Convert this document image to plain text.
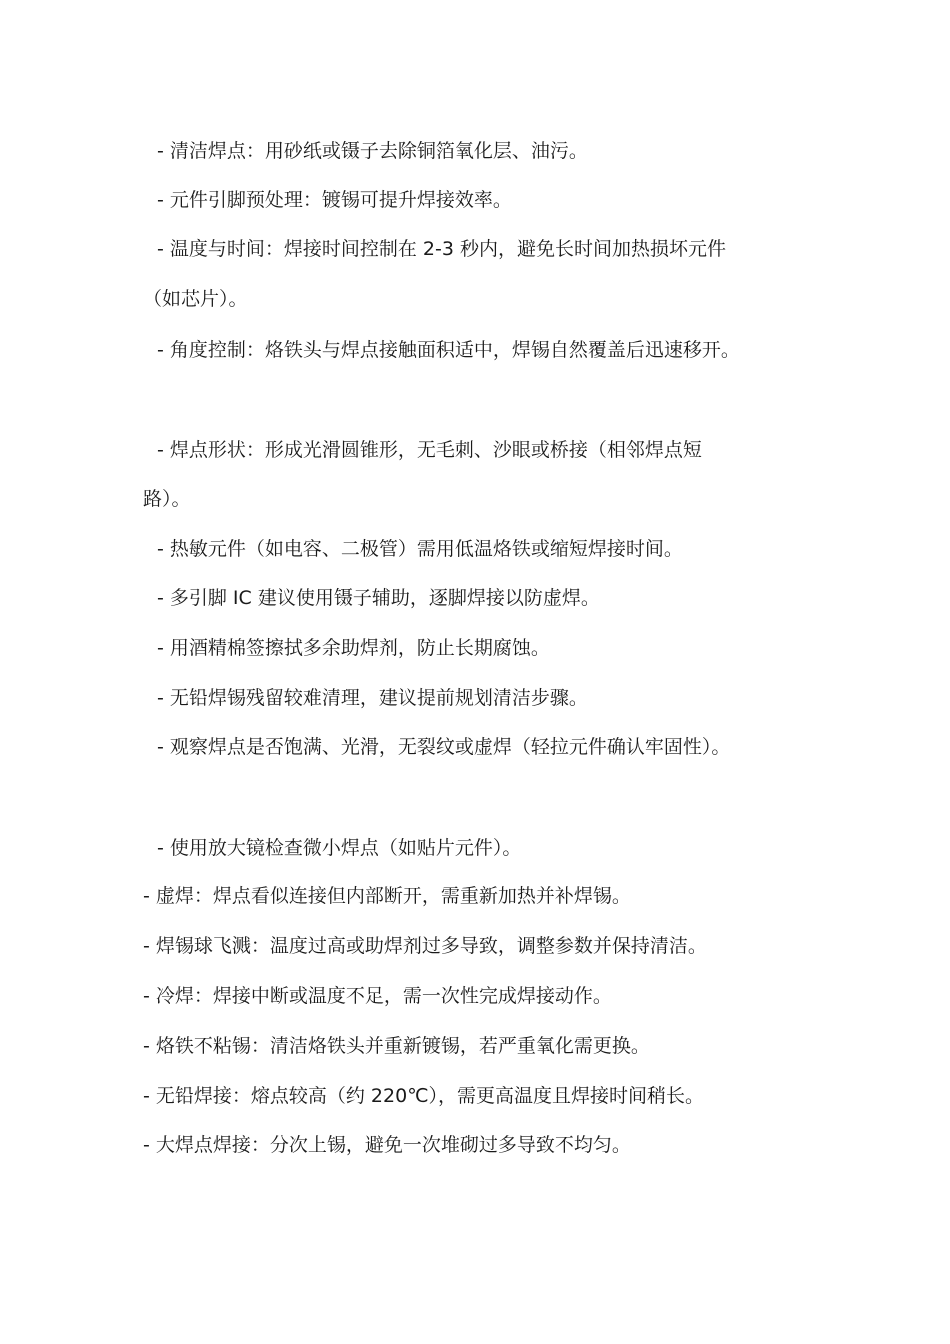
- 清洁焊点：用砂纸或镊子去除铜箔氧化层、油污。
- 元件引脚预处理：镀锡可提升焊接效率。
- 温度与时间：焊接时间控制在 2-3 秒内，避免长时间加热损坏元件
（如芯片）。
- 角度控制：烙铁头与焊点接触面积适中，焊锡自然覆盖后迅速移开。
- 焊点形状：形成光滑圆锥形，无毛刺、沙眼或桥接（相邻焊点短
路）。
- 热敏元件（如电容、二极管）需用低温烙铁或缩短焊接时间。
- 多引脚 IC 建议使用镊子辅助，逐脚焊接以防虚焊。
- 用酒精棉签擦拭多余助焊剂，防止长期腐蚀。
- 无铅焊锡残留较难清理，建议提前规划清洁步骤。
- 观察焊点是否饱满、光滑，无裂纹或虚焊（轻拉元件确认牢固性）。
- 使用放大镜检查微小焊点（如贴片元件）。
- 虚焊：焊点看似连接但内部断开，需重新加热并补焊锡。
- 焊锡球飞溅：温度过高或助焊剂过多导致，调整参数并保持清洁。
- 冷焊：焊接中断或温度不足，需一次性完成焊接动作。
- 烙铁不粘锡：清洁烙铁头并重新镀锡，若严重氧化需更换。
- 无铅焊接：熔点较高（约 220℃），需更高温度且焊接时间稍长。
- 大焊点焊接：分次上锡，避免一次堆砌过多导致不均匀。
